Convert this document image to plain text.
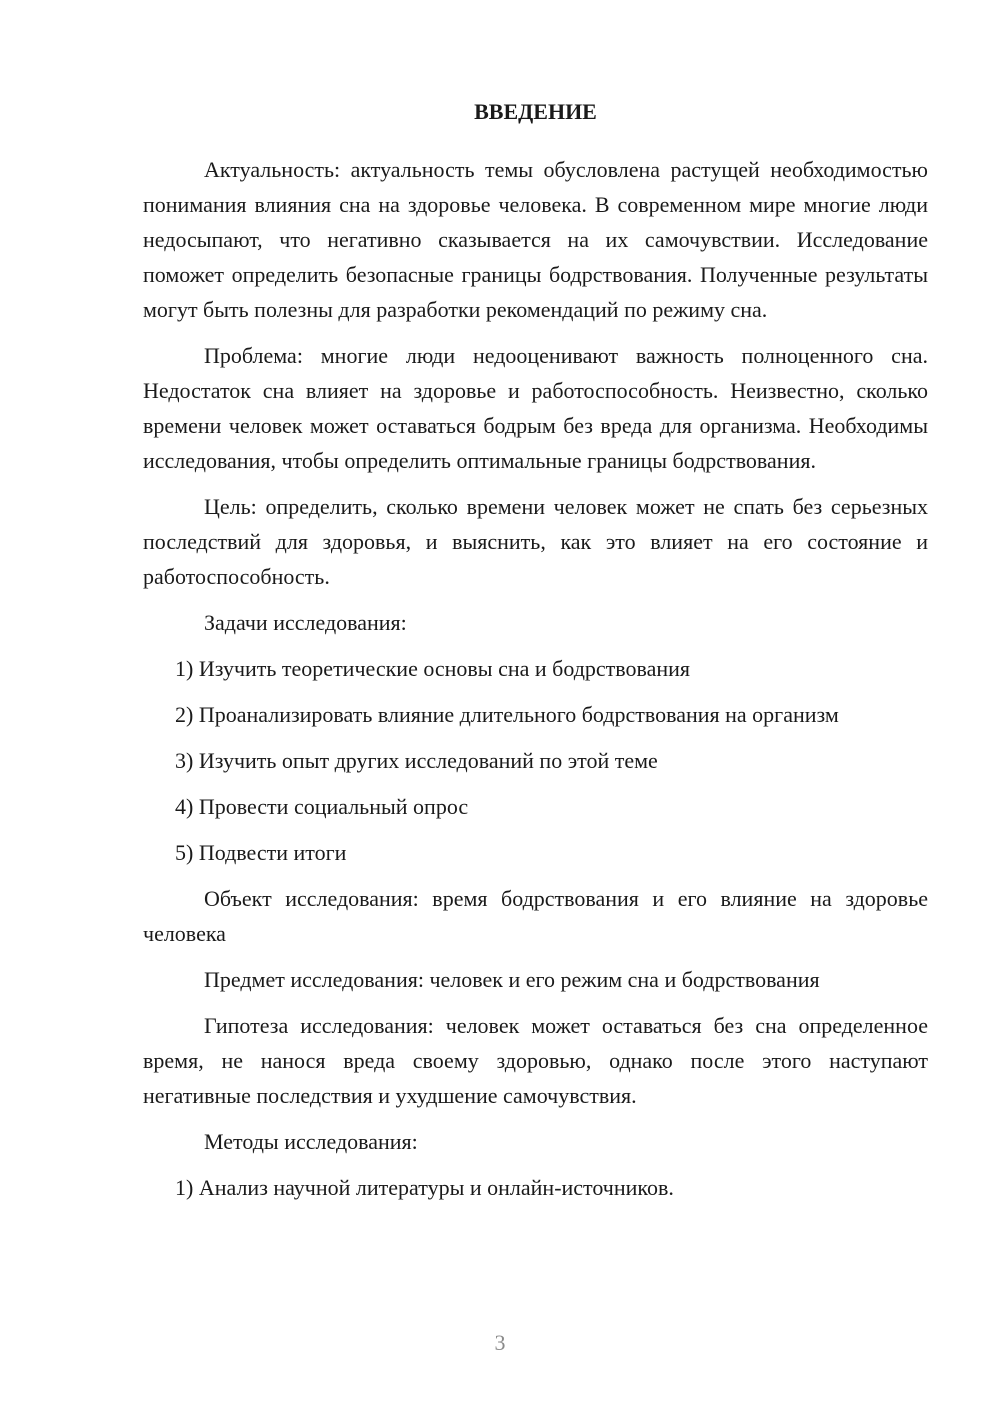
ВВЕДЕНИЕ

Актуальность: актуальность темы обусловлена растущей необходимостью понимания влияния сна на здоровье человека. В современном мире многие люди недосыпают, что негативно сказывается на их самочувствии. Исследование поможет определить безопасные границы бодрствования. Полученные результаты могут быть полезны для разработки рекомендаций по режиму сна.

Проблема: многие люди недооценивают важность полноценного сна. Недостаток сна влияет на здоровье и работоспособность. Неизвестно, сколько времени человек может оставаться бодрым без вреда для организма. Необходимы исследования, чтобы определить оптимальные границы бодрствования.

Цель: определить, сколько времени человек может не спать без серьезных последствий для здоровья, и выяснить, как это влияет на его состояние и работоспособность.

Задачи исследования:

1) Изучить теоретические основы сна и бодрствования

2) Проанализировать влияние длительного бодрствования на организм

3) Изучить опыт других исследований по этой теме

4) Провести социальный опрос

5) Подвести итоги

Объект исследования: время бодрствования и его влияние на здоровье человека

Предмет исследования: человек и его режим сна и бодрствования

Гипотеза исследования: человек может оставаться без сна определенное время, не нанося вреда своему здоровью, однако после этого наступают негативные последствия и ухудшение самочувствия.

Методы исследования:

1) Анализ научной литературы и онлайн-источников.

3
